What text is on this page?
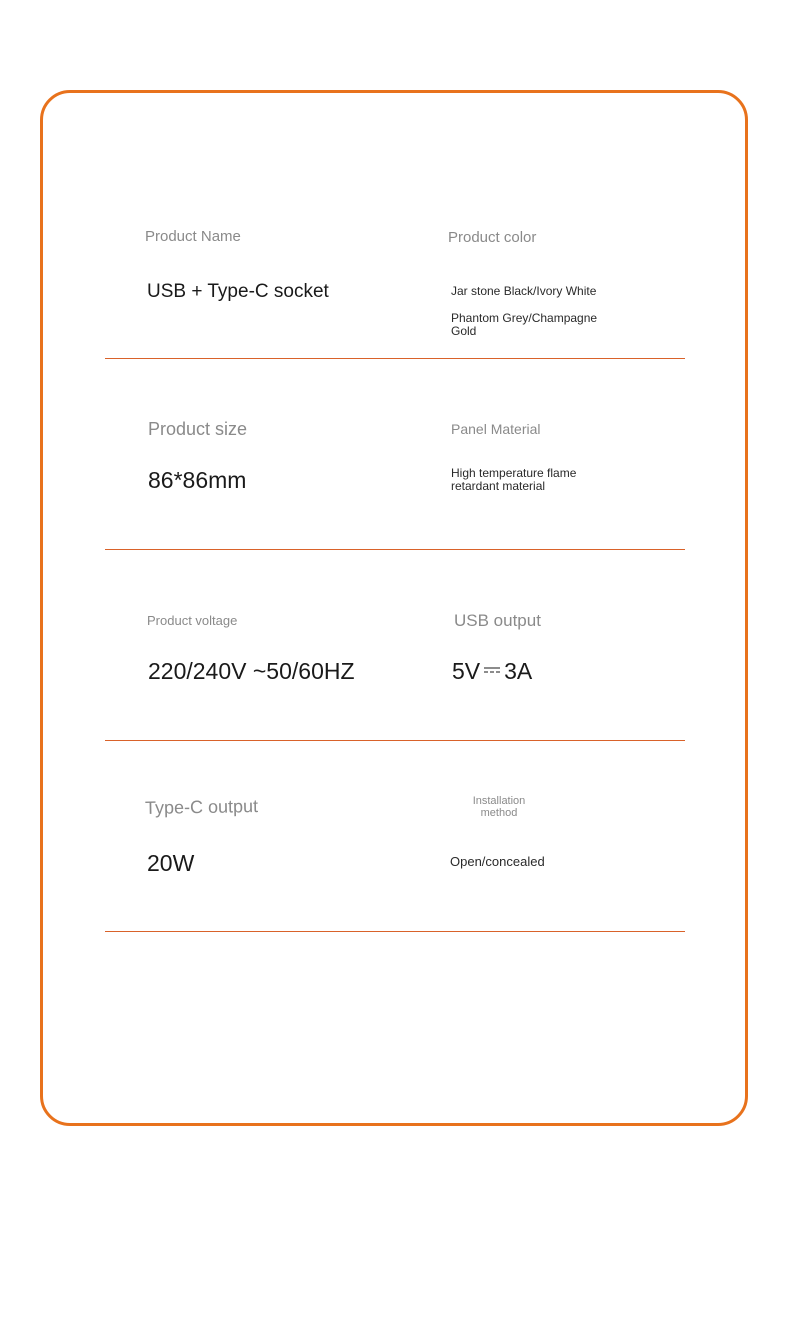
Product Name
USB + Type-C socket
Product color
Jar stone Black/Ivory White
Phantom Grey/Champagne Gold
Product size
86*86mm
Panel Material
High temperature flame retardant material
Product voltage
220/240V ~50/60HZ
USB output
5V 3A
Type-C output
20W
Installation method
Open/concealed
